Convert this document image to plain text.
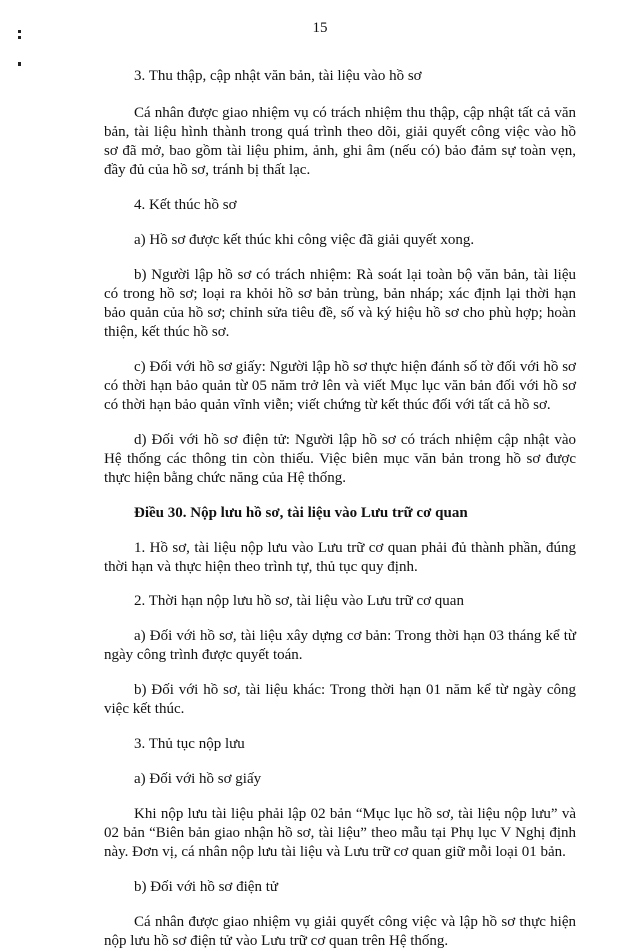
15

3. Thu thập, cập nhật văn bản, tài liệu vào hồ sơ

Cá nhân được giao nhiệm vụ có trách nhiệm thu thập, cập nhật tất cả văn bản, tài liệu hình thành trong quá trình theo dõi, giải quyết công việc vào hồ sơ đã mở, bao gồm tài liệu phim, ảnh, ghi âm (nếu có) bảo đảm sự toàn vẹn, đầy đủ của hồ sơ, tránh bị thất lạc.

4. Kết thúc hồ sơ

a) Hồ sơ được kết thúc khi công việc đã giải quyết xong.

b) Người lập hồ sơ có trách nhiệm: Rà soát lại toàn bộ văn bản, tài liệu có trong hồ sơ; loại ra khỏi hồ sơ bản trùng, bản nháp; xác định lại thời hạn bảo quản của hồ sơ; chỉnh sửa tiêu đề, số và ký hiệu hồ sơ cho phù hợp; hoàn thiện, kết thúc hồ sơ.

c) Đối với hồ sơ giấy: Người lập hồ sơ thực hiện đánh số tờ đối với hồ sơ có thời hạn bảo quản từ 05 năm trở lên và viết Mục lục văn bản đối với hồ sơ có thời hạn bảo quản vĩnh viễn; viết chứng từ kết thúc đối với tất cả hồ sơ.

d) Đối với hồ sơ điện tử: Người lập hồ sơ có trách nhiệm cập nhật vào Hệ thống các thông tin còn thiếu. Việc biên mục văn bản trong hồ sơ được thực hiện bằng chức năng của Hệ thống.

Điều 30. Nộp lưu hồ sơ, tài liệu vào Lưu trữ cơ quan

1. Hồ sơ, tài liệu nộp lưu vào Lưu trữ cơ quan phải đủ thành phần, đúng thời hạn và thực hiện theo trình tự, thủ tục quy định.

2. Thời hạn nộp lưu hồ sơ, tài liệu vào Lưu trữ cơ quan

a) Đối với hồ sơ, tài liệu xây dựng cơ bản: Trong thời hạn 03 tháng kể từ ngày công trình được quyết toán.

b) Đối với hồ sơ, tài liệu khác: Trong thời hạn 01 năm kể từ ngày công việc kết thúc.

3. Thủ tục nộp lưu

a) Đối với hồ sơ giấy

Khi nộp lưu tài liệu phải lập 02 bản “Mục lục hồ sơ, tài liệu nộp lưu” và 02 bản “Biên bản giao nhận hồ sơ, tài liệu” theo mẫu tại Phụ lục V Nghị định này. Đơn vị, cá nhân nộp lưu tài liệu và Lưu trữ cơ quan giữ mỗi loại 01 bản.

b) Đối với hồ sơ điện tử

Cá nhân được giao nhiệm vụ giải quyết công việc và lập hồ sơ thực hiện nộp lưu hồ sơ điện tử vào Lưu trữ cơ quan trên Hệ thống.
